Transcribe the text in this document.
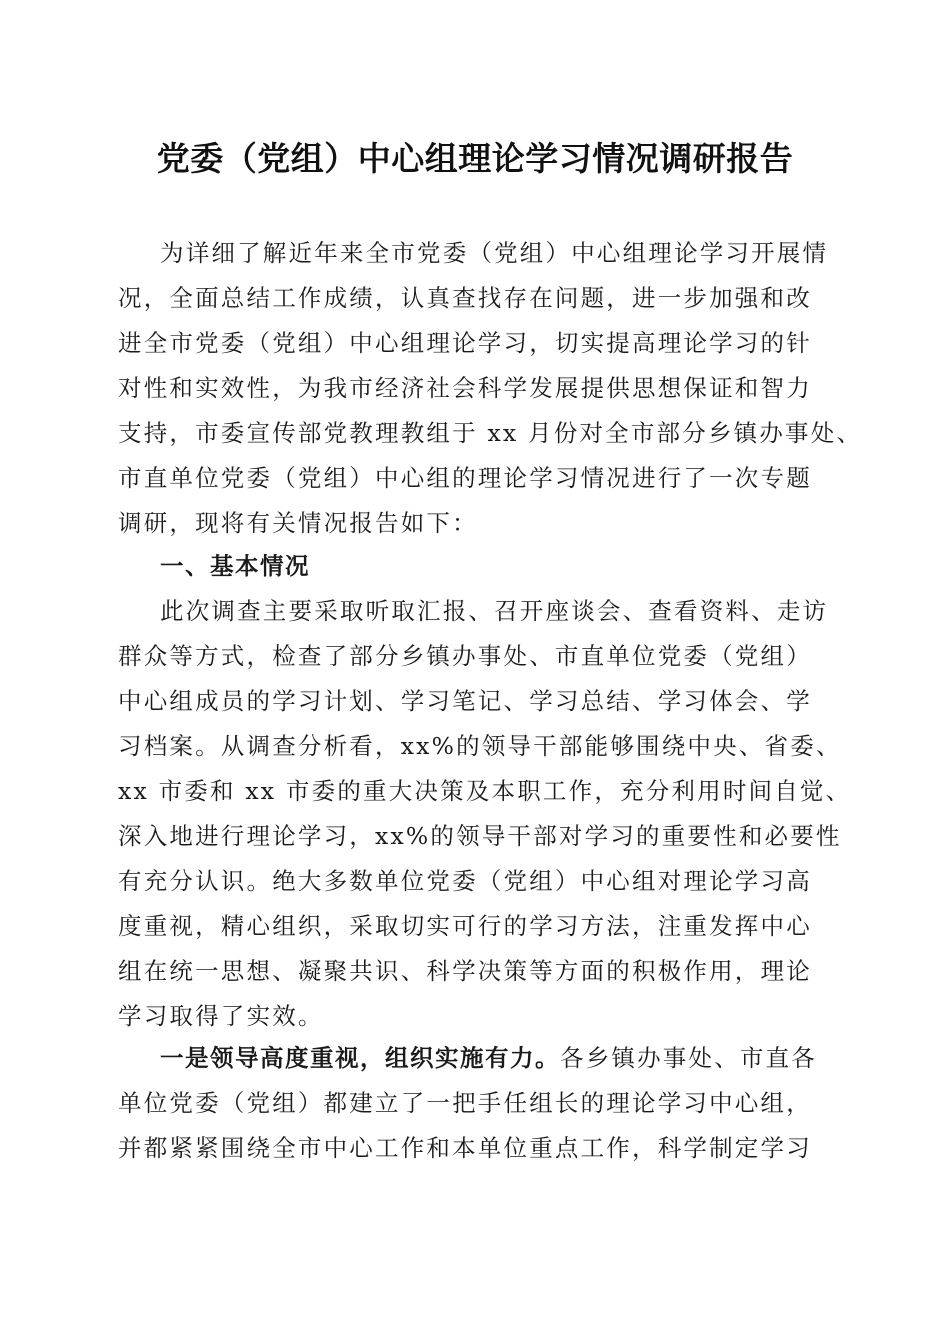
党委（党组）中心组理论学习情况调研报告
为详细了解近年来全市党委（党组）中心组理论学习开展情
况，全面总结工作成绩，认真查找存在问题，进一步加强和改
进全市党委（党组）中心组理论学习，切实提高理论学习的针
对性和实效性，为我市经济社会科学发展提供思想保证和智力
支持，市委宣传部党教理教组于 xx 月份对全市部分乡镇办事处、
市直单位党委（党组）中心组的理论学习情况进行了一次专题
调研，现将有关情况报告如下：
一、基本情况
此次调查主要采取听取汇报、召开座谈会、查看资料、走访
群众等方式，检查了部分乡镇办事处、市直单位党委（党组）
中心组成员的学习计划、学习笔记、学习总结、学习体会、学
习档案。从调查分析看，xx%的领导干部能够围绕中央、省委、
xx 市委和 xx 市委的重大决策及本职工作，充分利用时间自觉、
深入地进行理论学习，xx%的领导干部对学习的重要性和必要性
有充分认识。绝大多数单位党委（党组）中心组对理论学习高
度重视，精心组织，采取切实可行的学习方法，注重发挥中心
组在统一思想、凝聚共识、科学决策等方面的积极作用，理论
学习取得了实效。
一是领导高度重视，组织实施有力。各乡镇办事处、市直各
单位党委（党组）都建立了一把手任组长的理论学习中心组，
并都紧紧围绕全市中心工作和本单位重点工作，科学制定学习
